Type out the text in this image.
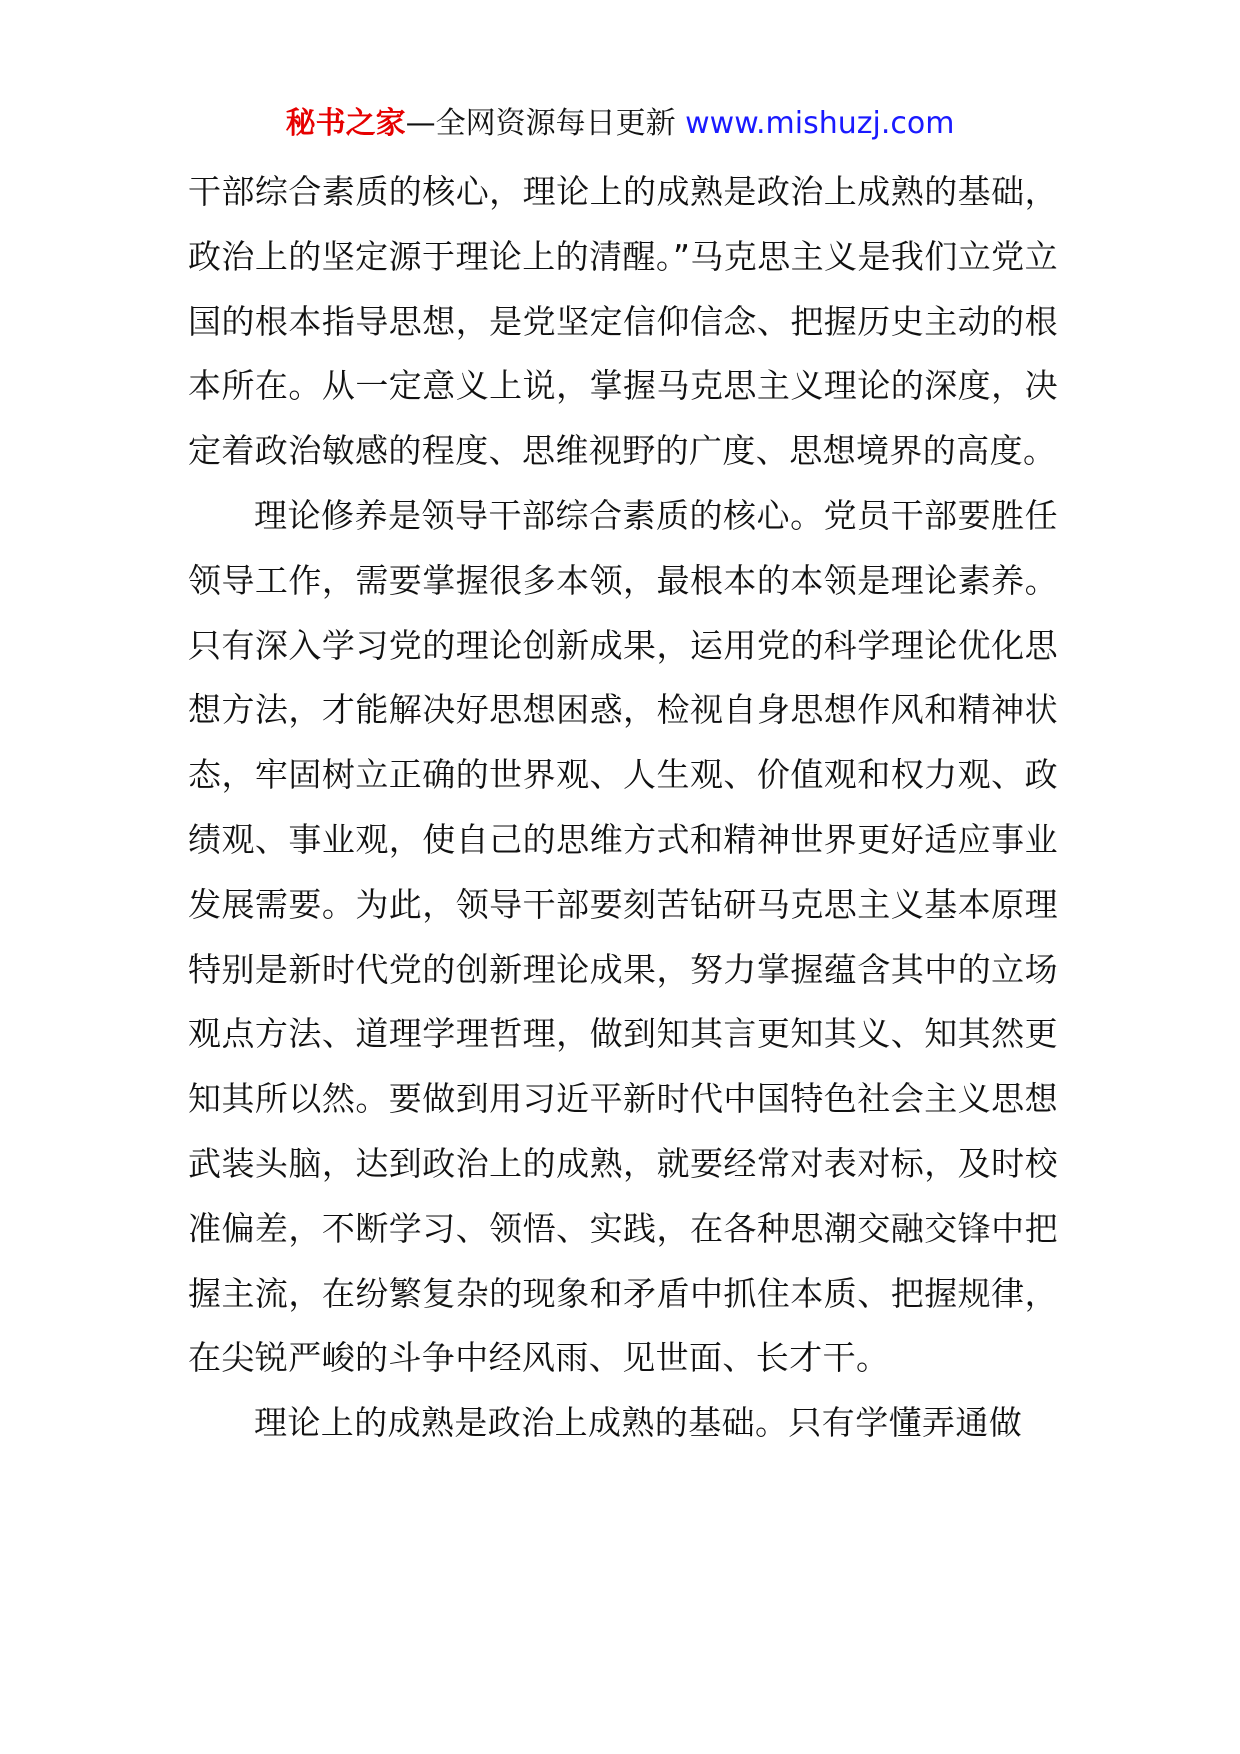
秘书之家—全网资源每日更新 www.mishuzj.com

干部综合素质的核心，理论上的成熟是政治上成熟的基础，政治上的坚定源于理论上的清醒。”马克思主义是我们立党立国的根本指导思想，是党坚定信仰信念、把握历史主动的根本所在。从一定意义上说，掌握马克思主义理论的深度，决定着政治敏感的程度、思维视野的广度、思想境界的高度。

理论修养是领导干部综合素质的核心。党员干部要胜任领导工作，需要掌握很多本领，最根本的本领是理论素养。只有深入学习党的理论创新成果，运用党的科学理论优化思想方法，才能解决好思想困惑，检视自身思想作风和精神状态，牢固树立正确的世界观、人生观、价值观和权力观、政绩观、事业观，使自己的思维方式和精神世界更好适应事业发展需要。为此，领导干部要刻苦钻研马克思主义基本原理特别是新时代党的创新理论成果，努力掌握蕴含其中的立场观点方法、道理学理哲理，做到知其言更知其义、知其然更知其所以然。要做到用习近平新时代中国特色社会主义思想武装头脑，达到政治上的成熟，就要经常对表对标，及时校准偏差，不断学习、领悟、实践，在各种思潮交融交锋中把握主流，在纷繁复杂的现象和矛盾中抓住本质、把握规律，在尖锐严峻的斗争中经风雨、见世面、长才干。

理论上的成熟是政治上成熟的基础。只有学懂弄通做
